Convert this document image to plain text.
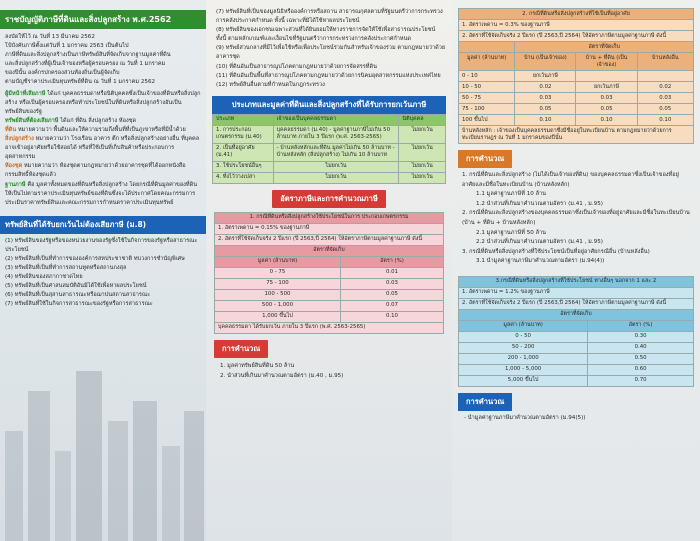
ราชบัญญัติภาษีที่ดินและสิ่งปลูกสร้าง พ.ศ.2562

ลงบัดให้ไว้ ณ วันที่ 13 มีนาคม 2562

โบ้บังคับภาษีตั้งแต่วันที่ 1 มกราคม 2563 เป็นต้นไป

ภาษีที่ดินและสิ่งปลูกสร้างเป็นภาษีทรัพย์สินที่จัดเก็บจากฐานมูลค่าที่ดิน

และสิ่งปลูกสร้างที่ผู้เป็นเจ้าของหรือผู้ครอบครอง ณ วันที่ 1 มกราคม

ของปีนั้น องค์กรปกครองส่วนท้องถิ่นเป็นผู้จัดเก็บ

ตามบัญชีราคาประเมินทุนทรัพย์ที่ดิน ณ วันที่ 1 มกราคม 2562

ผู้มีหน้าที่เสียภาษี ได้แก่ บุคคลธรรมดาหรือนิติบุคคลซึ่งเป็นเจ้าของที่ดินหรือสิ่งปลูกสร้าง หรือเป็นผู้ครอบครองหรือทำประโยชน์ในที่ดินหรือสิ่งปลูกสร้างอันเป็นทรัพย์สินของรัฐ

ทรัพย์สินที่ต้องเสียภาษี ได้แก่ ที่ดิน สิ่งปลูกสร้าง ห้องชุด

ที่ดิน หมายความว่า พื้นดินและให้ความรวมถึงพื้นที่ที่เป็นภูเขาหรือที่มีน้ำด้วย

สิ่งปลูกสร้าง หมายความว่า โรงเรือน อาคาร ตึก หรือสิ่งปลูกสร้างอย่างอื่น ที่บุคคลอาจเข้าอยู่อาศัยหรือใช้สอยได้ หรือที่ใช้เป็นที่เก็บสินค้าหรือประกอบการอุตสาหกรรม

ห้องชุด หมายความว่า ห้องชุดตามกฎหมายว่าด้วยอาคารชุดที่ได้ออกหนังสือกรรมสิทธิ์ห้องชุดแล้ว

ฐานภาษี คือ มูลค่าทั้งหมดของที่ดินหรือสิ่งปลูกสร้าง โดยกรณีที่ดินมูลค่าของที่ดินให้เป็นไปตามราคาประเมินทุนทรัพย์ของที่ดินซึ่งจะได้ประกาศโดยคณะกรรมการประเมินราคาทรัพย์สินและคณะกรรมการกำหนดราคาประเมินทุนทรัพย์

ทรัพย์สินที่ได้รับยกเว้นไม่ต้องเสียภาษี (ม.8)

(1) ทรัพย์สินของรัฐหรือของหน่วยงานของรัฐซึ่งใช้ในกิจการของรัฐหรือสาธารณะประโยชน์

(2) ทรัพย์สินที่เป็นที่ทำการขององค์การสหประชาชาติ ทบวงการชำนัญพิเศษ

(3) ทรัพย์สินที่เป็นที่ทำการสถานทูตหรือสถานกงสุล

(4) ทรัพย์สินของสภากาชาดไทย

(5) ทรัพย์สินที่เป็นศาสนสมบัติอันมิได้ใช้เพื่อหาผลประโยชน์

(6) ทรัพย์สินที่เป็นสุสานสาธารณะหรือฌาปนสถานสาธารณะ

(7) ทรัพย์สินที่ใช้ในกิจการสาธารณะของรัฐหรือการสาธารณะ

(7) ทรัพย์สินที่เป็นของมูลนิธิหรือองค์การหรือสถาน สาธารณกุศลตามที่รัฐมนตรีว่าการกระทรวงการคลังประกาศกำหนด ทั้งนี้ เฉพาะที่มิได้ใช้หาผลประโยชน์

(8) ทรัพย์สินของเอกชนเฉพาะส่วนที่ได้ยินยอมให้ทางราชการจัดให้ใช้เพื่อสาธารณประโยชน์ ทั้งนี้ ตามหลักเกณฑ์และเงื่อนไขที่รัฐมนตรีว่าการกระทรวงการคลังประกาศกำหนด

(9) ทรัพย์ส่วนกลางที่มีไว้เพื่อใช้หรือเพื่อประโยชน์ร่วมกันสำหรับเจ้าของร่วม ตามกฎหมายว่าด้วยอาคารชุด

(10) ที่ดินอันเป็นสาธารณูปโภคตามกฎหมายว่าด้วยการจัดสรรที่ดิน

(11) ที่ดินอันเป็นพื้นที่สาธารณูปโภคตามกฎหมายว่าด้วยการนิคมอุตสาหกรรมแห่งประเทศไทย

(12) ทรัพย์สินอื่นตามที่กำหนดในกฎกระทรวง

ประเภทและมูลค่าที่ดินและสิ่งปลูกสร้างที่ได้รับการยกเว้นภาษี
ประเภท	เจ้าของเป็นบุคคลธรรมดา	นิติบุคคล
1. การประกอบเกษตรกรรม (ม.40)	บุคคลธรรมดา (ม.40) - มูลค่าฐานภาษีไม่เกิน 50 ล้านบาท ภายใน 3 ปีแรก (พ.ศ. 2563-2565)	ไม่ยกเว้น
2. เป็นที่อยู่อาศัย (ม.41)	- บ้านหลังหลักและที่ดิน มูลค่าไม่เกิน 50 ล้านบาท - บ้านหลังหลัก (สิ่งปลูกสร้าง) ไม่เกิน 10 ล้านบาท	ไม่ยกเว้น
3. ใช้ประโยชน์อื่นๆ	ไม่ยกเว้น	ไม่ยกเว้น
4. ทิ้งไว้ว่างเปล่า	ไม่ยกเว้น	ไม่ยกเว้น
อัตราภาษีและการคำนวณภาษี
1. กรณีที่ดินหรือสิ่งปลูกสร้างใช้ประโยชน์ในการ ประกอบเกษตรกรรม	
1. อัตราเพดาน = 0.15% ของฐานภาษี	
2. อัตราที่ใช้จัดเก็บจริง 2 ปีแรก (ปี 2563,ปี 2564) ให้อัตราภาษีตามมูลค่าฐานภาษี ดังนี้	
อัตราที่จัดเก็บ	
มูลค่า (ล้านบาท)	อัตรา (%)
0 - 75	0.01
75 - 100	0.03
100 - 500	0.05
500 - 1,000	0.07
1,000 ขึ้นไป	0.10
บุคคลธรรมดา ได้รับยกเว้น ภายใน 3 ปีแรก (พ.ศ. 2563-2565)	
การคำนวณ

1. มูลค่าทรัพย์สินที่ดิน 50 ล้าน

2. นำส่วนที่เกินมาคำนวณตามอัตรา (ม.40 , ม.95)

2. กรณีที่ดินหรือสิ่งปลูกสร้างที่ใช้เป็นที่อยู่อาศัย			
1. อัตราเพดาน = 0.3% ของฐานภาษี			
2. อัตราที่ใช้จัดเก็บจริง 2 ปีแรก (ปี 2563,ปี 2564) ให้อัตราภาษีตามมูลค่าฐานภาษี ดังนี้			
	อัตราที่จัดเก็บ		
มูลค่า (ล้านบาท)	บ้าน (เป็นเจ้าของ)	บ้าน + ที่ดิน (เป็นเจ้าของ)	บ้านหลังอื่น
0 - 10	ยกเว้นภาษี		
10 - 50	0.02	ยกเว้นภาษี	0.02
50 - 75	0.03	0.03	0.03
75 - 100	0.05	0.05	0.05
100 ขึ้นไป	0.10	0.10	0.10
บ้านหลังหลัก : เจ้าของเป็นบุคคลธรรมดาซึ่งมีชื่ออยู่ในทะเบียนบ้าน ตามกฎหมายว่าด้วยการทะเบียนราษฎร ณ วันที่ 1 มกราคมของปีนั้น			
การคำนวณ

1. กรณีที่ดินและสิ่งปลูกสร้าง (ไม่ได้เป็นเจ้าของที่ดิน) ของบุคคลธรรมดาซึ่งเป็นเจ้าของที่อยู่อาศัยและมีชื่อในทะเบียนบ้าน (บ้านหลังหลัก)

1.1 มูลค่าฐานภาษีที่ 10 ล้าน

1.2 นำส่วนที่เกินมาคำนวณตามอัตรา (ม.41 , ม.95)

2. กรณีที่ดินและสิ่งปลูกสร้างของบุคคลธรรมดาซึ่งเป็นเจ้าของที่อยู่อาศัยและมีชื่อในทะเบียนบ้าน (บ้าน + ที่ดิน + บ้านหลังหลัก)

2.1 มูลค่าฐานภาษีที่ 50 ล้าน

2.2 นำส่วนที่เกินมาคำนวณตามอัตรา (ม.41 , ม.95)

3. กรณีที่ดินหรือสิ่งปลูกสร้างที่ใช้ประโยชน์เป็นที่อยู่อาศัยกรณีอื่น (บ้านหลังอื่น)

3.1 นำมูลค่าฐานภาษีมาคำนวณตามอัตรา (ม.94(4))

3.กรณีที่ดินหรือสิ่งปลูกสร้างที่ใช้ประโยชน์ ทางอื่นๆ นอกจาก 1 และ 2	
1. อัตราเพดาน = 1.2% ของฐานภาษี	
2. อัตราที่ใช้จัดเก็บจริง 2 ปีแรก (ปี 2563,ปี 2564) ให้อัตราภาษีตามมูลค่าฐานภาษี ดังนี้	
อัตราที่จัดเก็บ	
มูลค่า (ล้านบาท)	อัตรา (%)
0 - 50	0.30
50 - 200	0.40
200 - 1,000	0.50
1,000 - 5,000	0.60
5,000 ขึ้นไป	0.70
การคำนวณ

- นำมูลค่าฐานภาษีมาคำนวณตามอัตรา (ม.94(5))
